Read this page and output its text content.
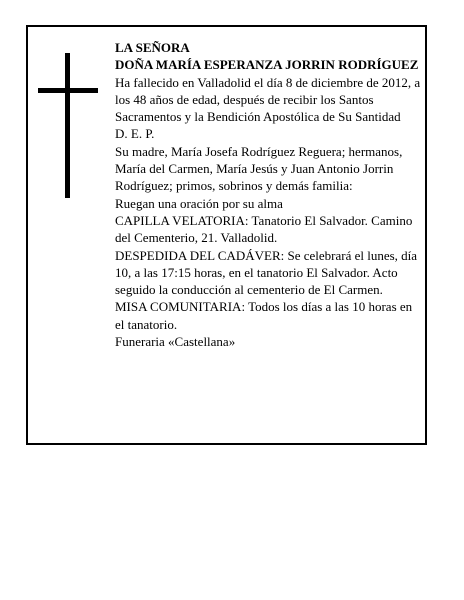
LA SEÑORA

DOÑA MARÍA ESPERANZA JORRIN RODRÍGUEZ

Ha fallecido en Valladolid el día 8 de diciembre de 2012, a los 48 años de edad, después de recibir los Santos Sacramentos y la Bendición Apostólica de Su Santidad

D. E. P.

Su madre, María Josefa Rodríguez Reguera; hermanos, María del Carmen, María Jesús y Juan Antonio Jorrin Rodríguez; primos, sobrinos y demás familia:

Ruegan una oración por su alma

CAPILLA VELATORIA: Tanatorio El Salvador. Camino del Cementerio, 21. Valladolid.

DESPEDIDA DEL CADÁVER: Se celebrará el lunes, día 10, a las 17:15 horas, en el tanatorio El Salvador. Acto seguido la conducción al cementerio de El Carmen.

MISA COMUNITARIA: Todos los días a las 10 horas en el tanatorio.

Funeraria «Castellana»
